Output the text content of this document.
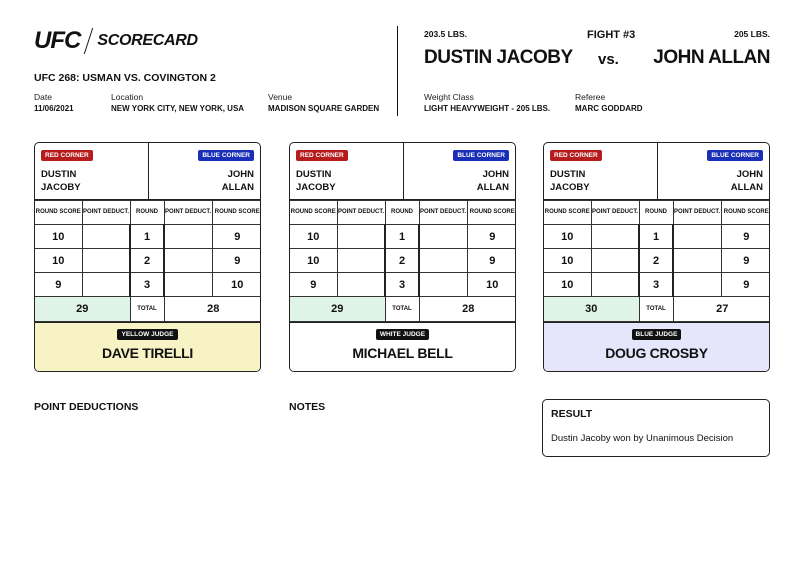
UFC SCORECARD
UFC 268: USMAN VS. COVINGTON 2
Date
11/06/2021
Location
NEW YORK CITY, NEW YORK, USA
Venue
MADISON SQUARE GARDEN
Weight Class
LIGHT HEAVYWEIGHT - 205 LBS.
Referee
MARC GODDARD
203.5 LBS.	FIGHT #3	205 LBS.
DUSTIN JACOBY vs. JOHN ALLAN
RED CORNER	BLUE CORNER
DUSTIN
JACOBY
JOHN
ALLAN
ROUND SCORE	POINT DEDUCT.	ROUND	POINT DEDUCT.	ROUND SCORE
10		1		9
10		2		9
9		3		10
29		TOTAL	28	
YELLOW JUDGE
DAVE TIRELLI
RED CORNER	BLUE CORNER
DUSTIN
JACOBY
JOHN
ALLAN
ROUND SCORE	POINT DEDUCT.	ROUND	POINT DEDUCT.	ROUND SCORE
10		1		9
10		2		9
9		3		10
29		TOTAL	28	
WHITE JUDGE
MICHAEL BELL
RED CORNER	BLUE CORNER
DUSTIN
JACOBY
JOHN
ALLAN
ROUND SCORE	POINT DEDUCT.	ROUND	POINT DEDUCT.	ROUND SCORE
10		1		9
10		2		9
10		3		9
30		TOTAL	27	
BLUE JUDGE
DOUG CROSBY
POINT DEDUCTIONS	NOTES
RESULT
Dustin Jacoby won by Unanimous Decision
